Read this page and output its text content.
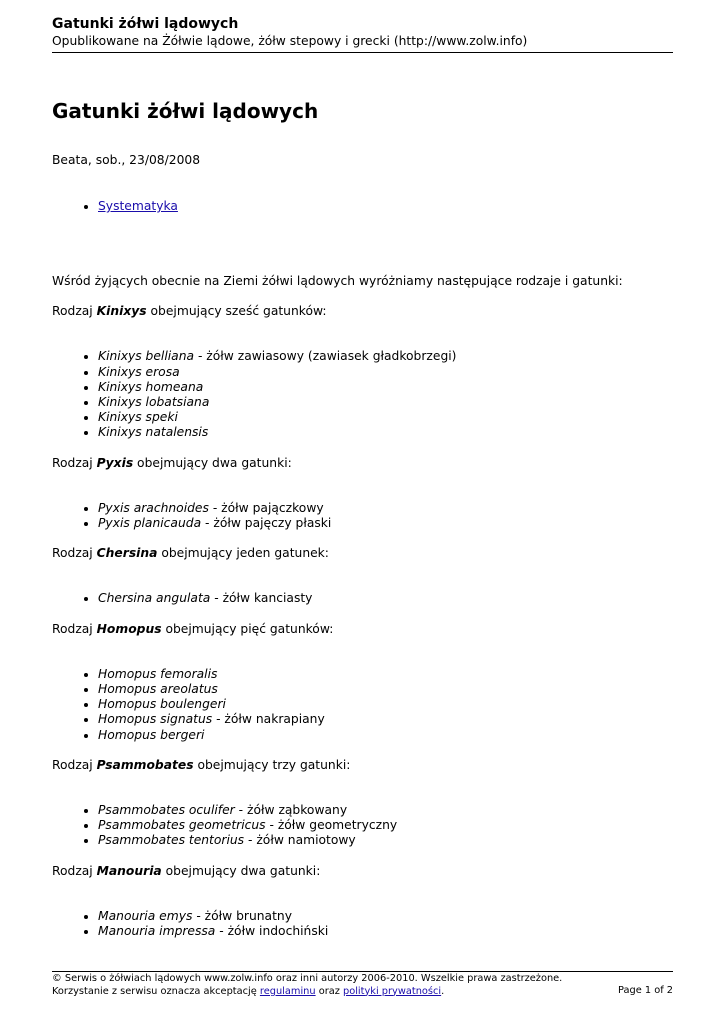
Gatunki żółwi lądowych
Opublikowane na Żółwie lądowe, żółw stepowy i grecki (http://www.zolw.info)
Gatunki żółwi lądowych
Beata, sob., 23/08/2008
• Systematyka

Wśród żyjących obecnie na Ziemi żółwi lądowych wyróżniamy następujące rodzaje i gatunki:

Rodzaj Kinixys obejmujący sześć gatunków:

• Kinixys belliana - żółw zawiasowy (zawiasek gładkobrzegi)
• Kinixys erosa
• Kinixys homeana
• Kinixys lobatsiana
• Kinixys speki
• Kinixys natalensis

Rodzaj Pyxis obejmujący dwa gatunki:

• Pyxis arachnoides - żółw pajączkowy
• Pyxis planicauda - żółw pajęczy płaski

Rodzaj Chersina obejmujący jeden gatunek:

• Chersina angulata - żółw kanciasty

Rodzaj Homopus obejmujący pięć gatunków:

• Homopus femoralis
• Homopus areolatus
• Homopus boulengeri
• Homopus signatus - żółw nakrapiany
• Homopus bergeri

Rodzaj Psammobates obejmujący trzy gatunki:

• Psammobates oculifer - żółw ząbkowany
• Psammobates geometricus - żółw geometryczny
• Psammobates tentorius - żółw namiotowy

Rodzaj Manouria obejmujący dwa gatunki:

• Manouria emys - żółw brunatny
• Manouria impressa - żółw indochiński
© Serwis o żółwiach lądowych www.zolw.info oraz inni autorzy 2006-2010. Wszelkie prawa zastrzeżone.
Korzystanie z serwisu oznacza akceptację regulaminu oraz polityki prywatności.	Page 1 of 2
